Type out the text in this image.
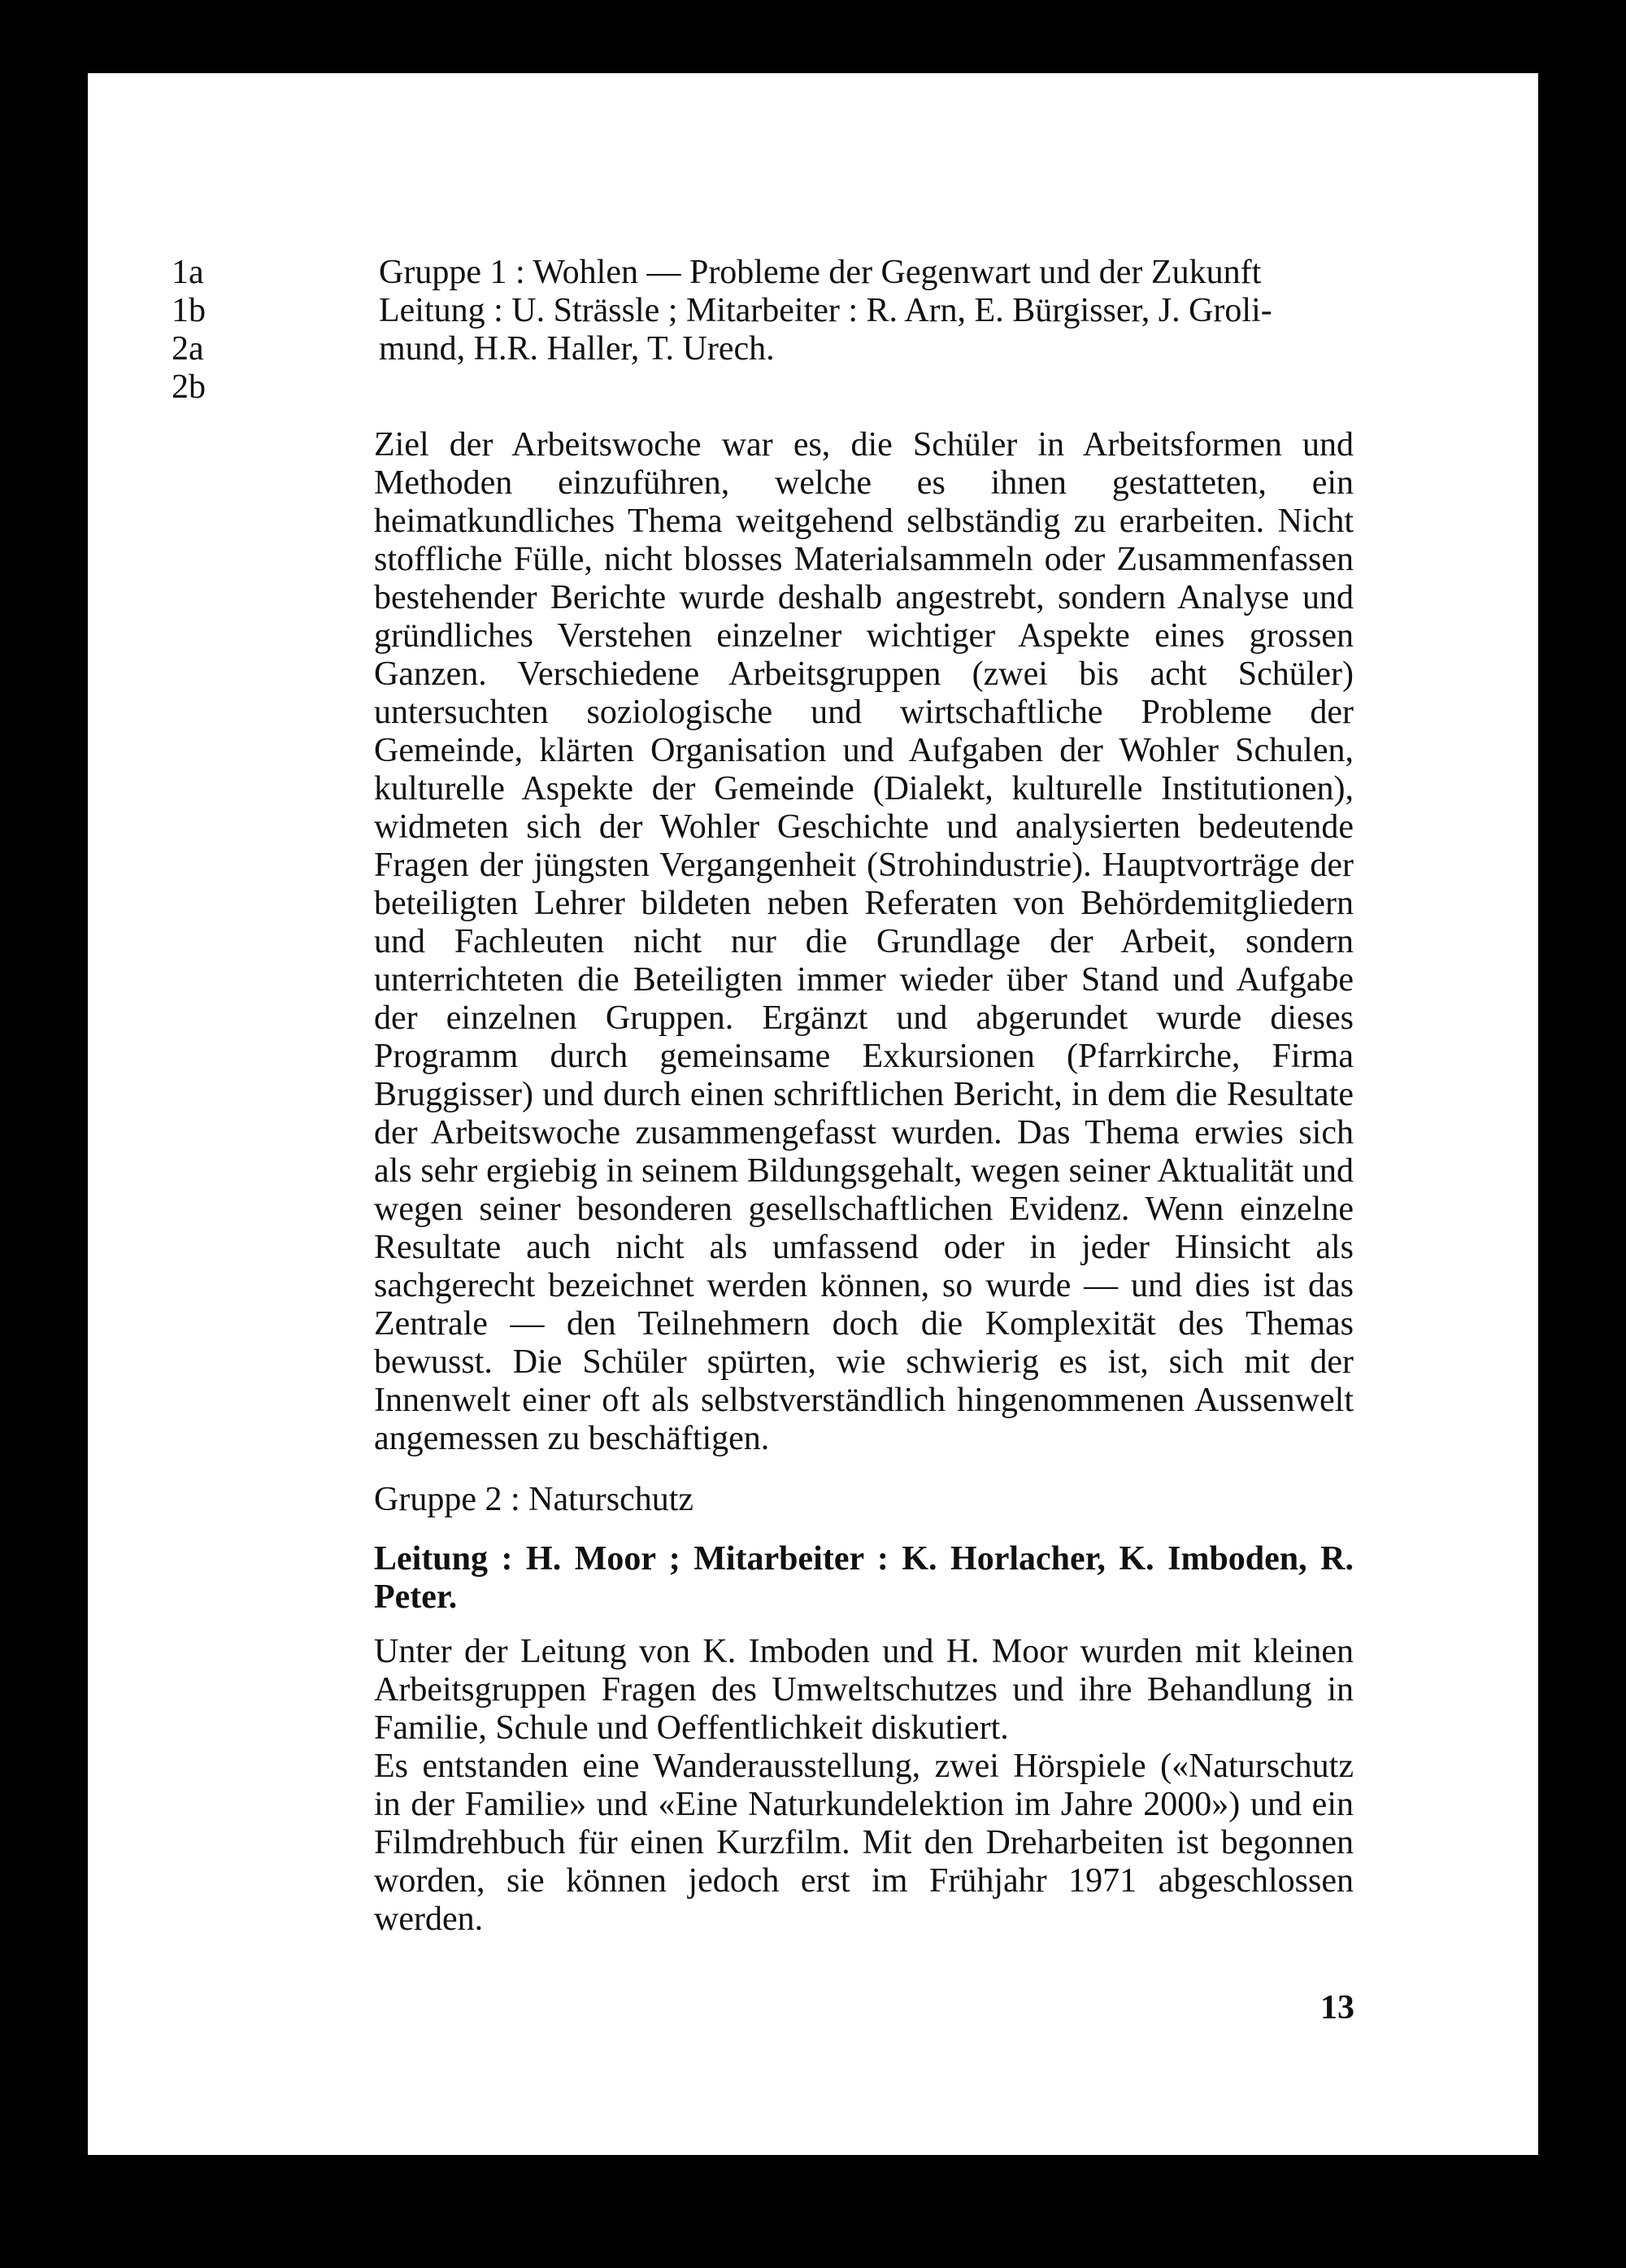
1a
1b
2a
2b
Gruppe 1 : Wohlen — Probleme der Gegenwart und der Zukunft
Leitung : U. Strässle ; Mitarbeiter : R. Arn, E. Bürgisser, J. Groli-
mund, H.R. Haller, T. Urech.

Ziel der Arbeitswoche war es, die Schüler in Arbeitsformen und Methoden einzuführen, welche es ihnen gestatteten, ein heimatkundliches Thema weitgehend selbständig zu erarbeiten. Nicht stoffliche Fülle, nicht blosses Materialsammeln oder Zusammenfassen bestehender Berichte wurde deshalb angestrebt, sondern Analyse und gründliches Verstehen einzelner wichtiger Aspekte eines grossen Ganzen. Verschiedene Arbeitsgruppen (zwei bis acht Schüler) untersuchten soziologische und wirtschaftliche Probleme der Gemeinde, klärten Organisation und Aufgaben der Wohler Schulen, kulturelle Aspekte der Gemeinde (Dialekt, kulturelle Institutionen), widmeten sich der Wohler Geschichte und analysierten bedeutende Fragen der jüngsten Vergangenheit (Strohindustrie). Hauptvorträge der beteiligten Lehrer bildeten neben Referaten von Behördemitgliedern und Fachleuten nicht nur die Grundlage der Arbeit, sondern unterrichteten die Beteiligten immer wieder über Stand und Aufgabe der einzelnen Gruppen. Ergänzt und abgerundet wurde dieses Programm durch gemeinsame Exkursionen (Pfarrkirche, Firma Bruggisser) und durch einen schriftlichen Bericht, in dem die Resultate der Arbeitswoche zusammengefasst wurden. Das Thema erwies sich als sehr ergiebig in seinem Bildungsgehalt, wegen seiner Aktualität und wegen seiner besonderen gesellschaftlichen Evidenz. Wenn einzelne Resultate auch nicht als umfassend oder in jeder Hinsicht als sachgerecht bezeichnet werden können, so wurde — und dies ist das Zentrale — den Teilnehmern doch die Komplexität des Themas bewusst. Die Schüler spürten, wie schwierig es ist, sich mit der Innenwelt einer oft als selbstverständlich hingenommenen Aussenwelt angemessen zu beschäftigen.

Gruppe 2 : Naturschutz

Leitung : H. Moor ; Mitarbeiter : K. Horlacher, K. Imboden, R. Peter.

Unter der Leitung von K. Imboden und H. Moor wurden mit kleinen Arbeitsgruppen Fragen des Umweltschutzes und ihre Behandlung in Familie, Schule und Oeffentlichkeit diskutiert.

Es entstanden eine Wanderausstellung, zwei Hörspiele («Naturschutz in der Familie» und «Eine Naturkundelektion im Jahre 2000») und ein Filmdrehbuch für einen Kurzfilm. Mit den Dreharbeiten ist begonnen worden, sie können jedoch erst im Frühjahr 1971 abgeschlossen werden.

13
